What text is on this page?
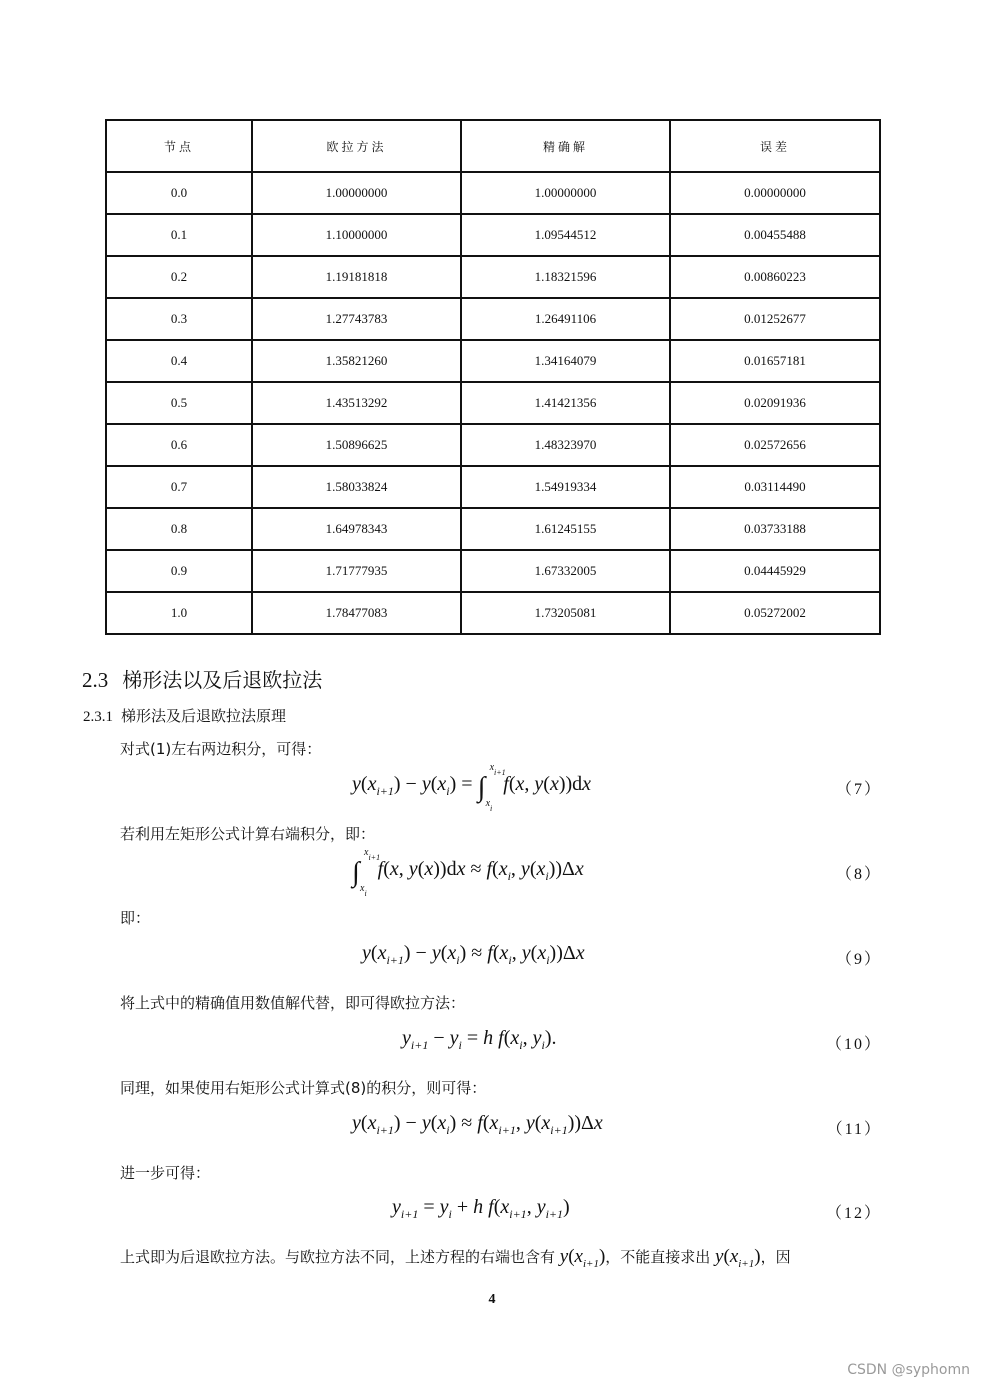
节点	欧拉方法	精确解	误差
0.0	1.00000000	1.00000000	0.00000000
0.1	1.10000000	1.09544512	0.00455488
0.2	1.19181818	1.18321596	0.00860223
0.3	1.27743783	1.26491106	0.01252677
0.4	1.35821260	1.34164079	0.01657181
0.5	1.43513292	1.41421356	0.02091936
0.6	1.50896625	1.48323970	0.02572656
0.7	1.58033824	1.54919334	0.03114490
0.8	1.64978343	1.61245155	0.03733188
0.9	1.71777935	1.67332005	0.04445929
1.0	1.78477083	1.73205081	0.05272002
2.3 梯形法以及后退欧拉法
2.3.1 梯形法及后退欧拉法原理
对式(1)左右两边积分，可得：
$y(x_{i+1}) - y(x_i)$ = ∫
$x_{i+1}$
$x_i$
f(x, y(x))dx	（7）
若利用左矩形公式计算右端积分，即：
∫
$x_{i+1}$
$x_i$
f(x, $y(x))dx \approx f(x_i$, $y(x_i))\Delta x$	（8）
即：
$y(x_{i+1}) - y(x_i) \approx f(x_i$, $y(x_i))\Delta x$	（9）
将上式中的精确值用数值解代替，即可得欧拉方法：
$y_{i+1} - y_i = h$ $f(x_i$, $y_i$).	（10）
同理，如果使用右矩形公式计算式(8)的积分，则可得：
$y(x_{i+1}) - y(x_i) \approx f(x_{i+1}$, $y(x_{i+1}))\Delta x$	（11）
进一步可得：
$y_{i+1} = y_i + h$ $f(x_{i+1}$, $y_{i+1}$)	（12）
上式即为后退欧拉方法。与欧拉方法不同，上述方程的右端也含有 $y(x_{i+1})$，不能直接求出 $y(x_{i+1})$，因
4
CSDN @syphomn
